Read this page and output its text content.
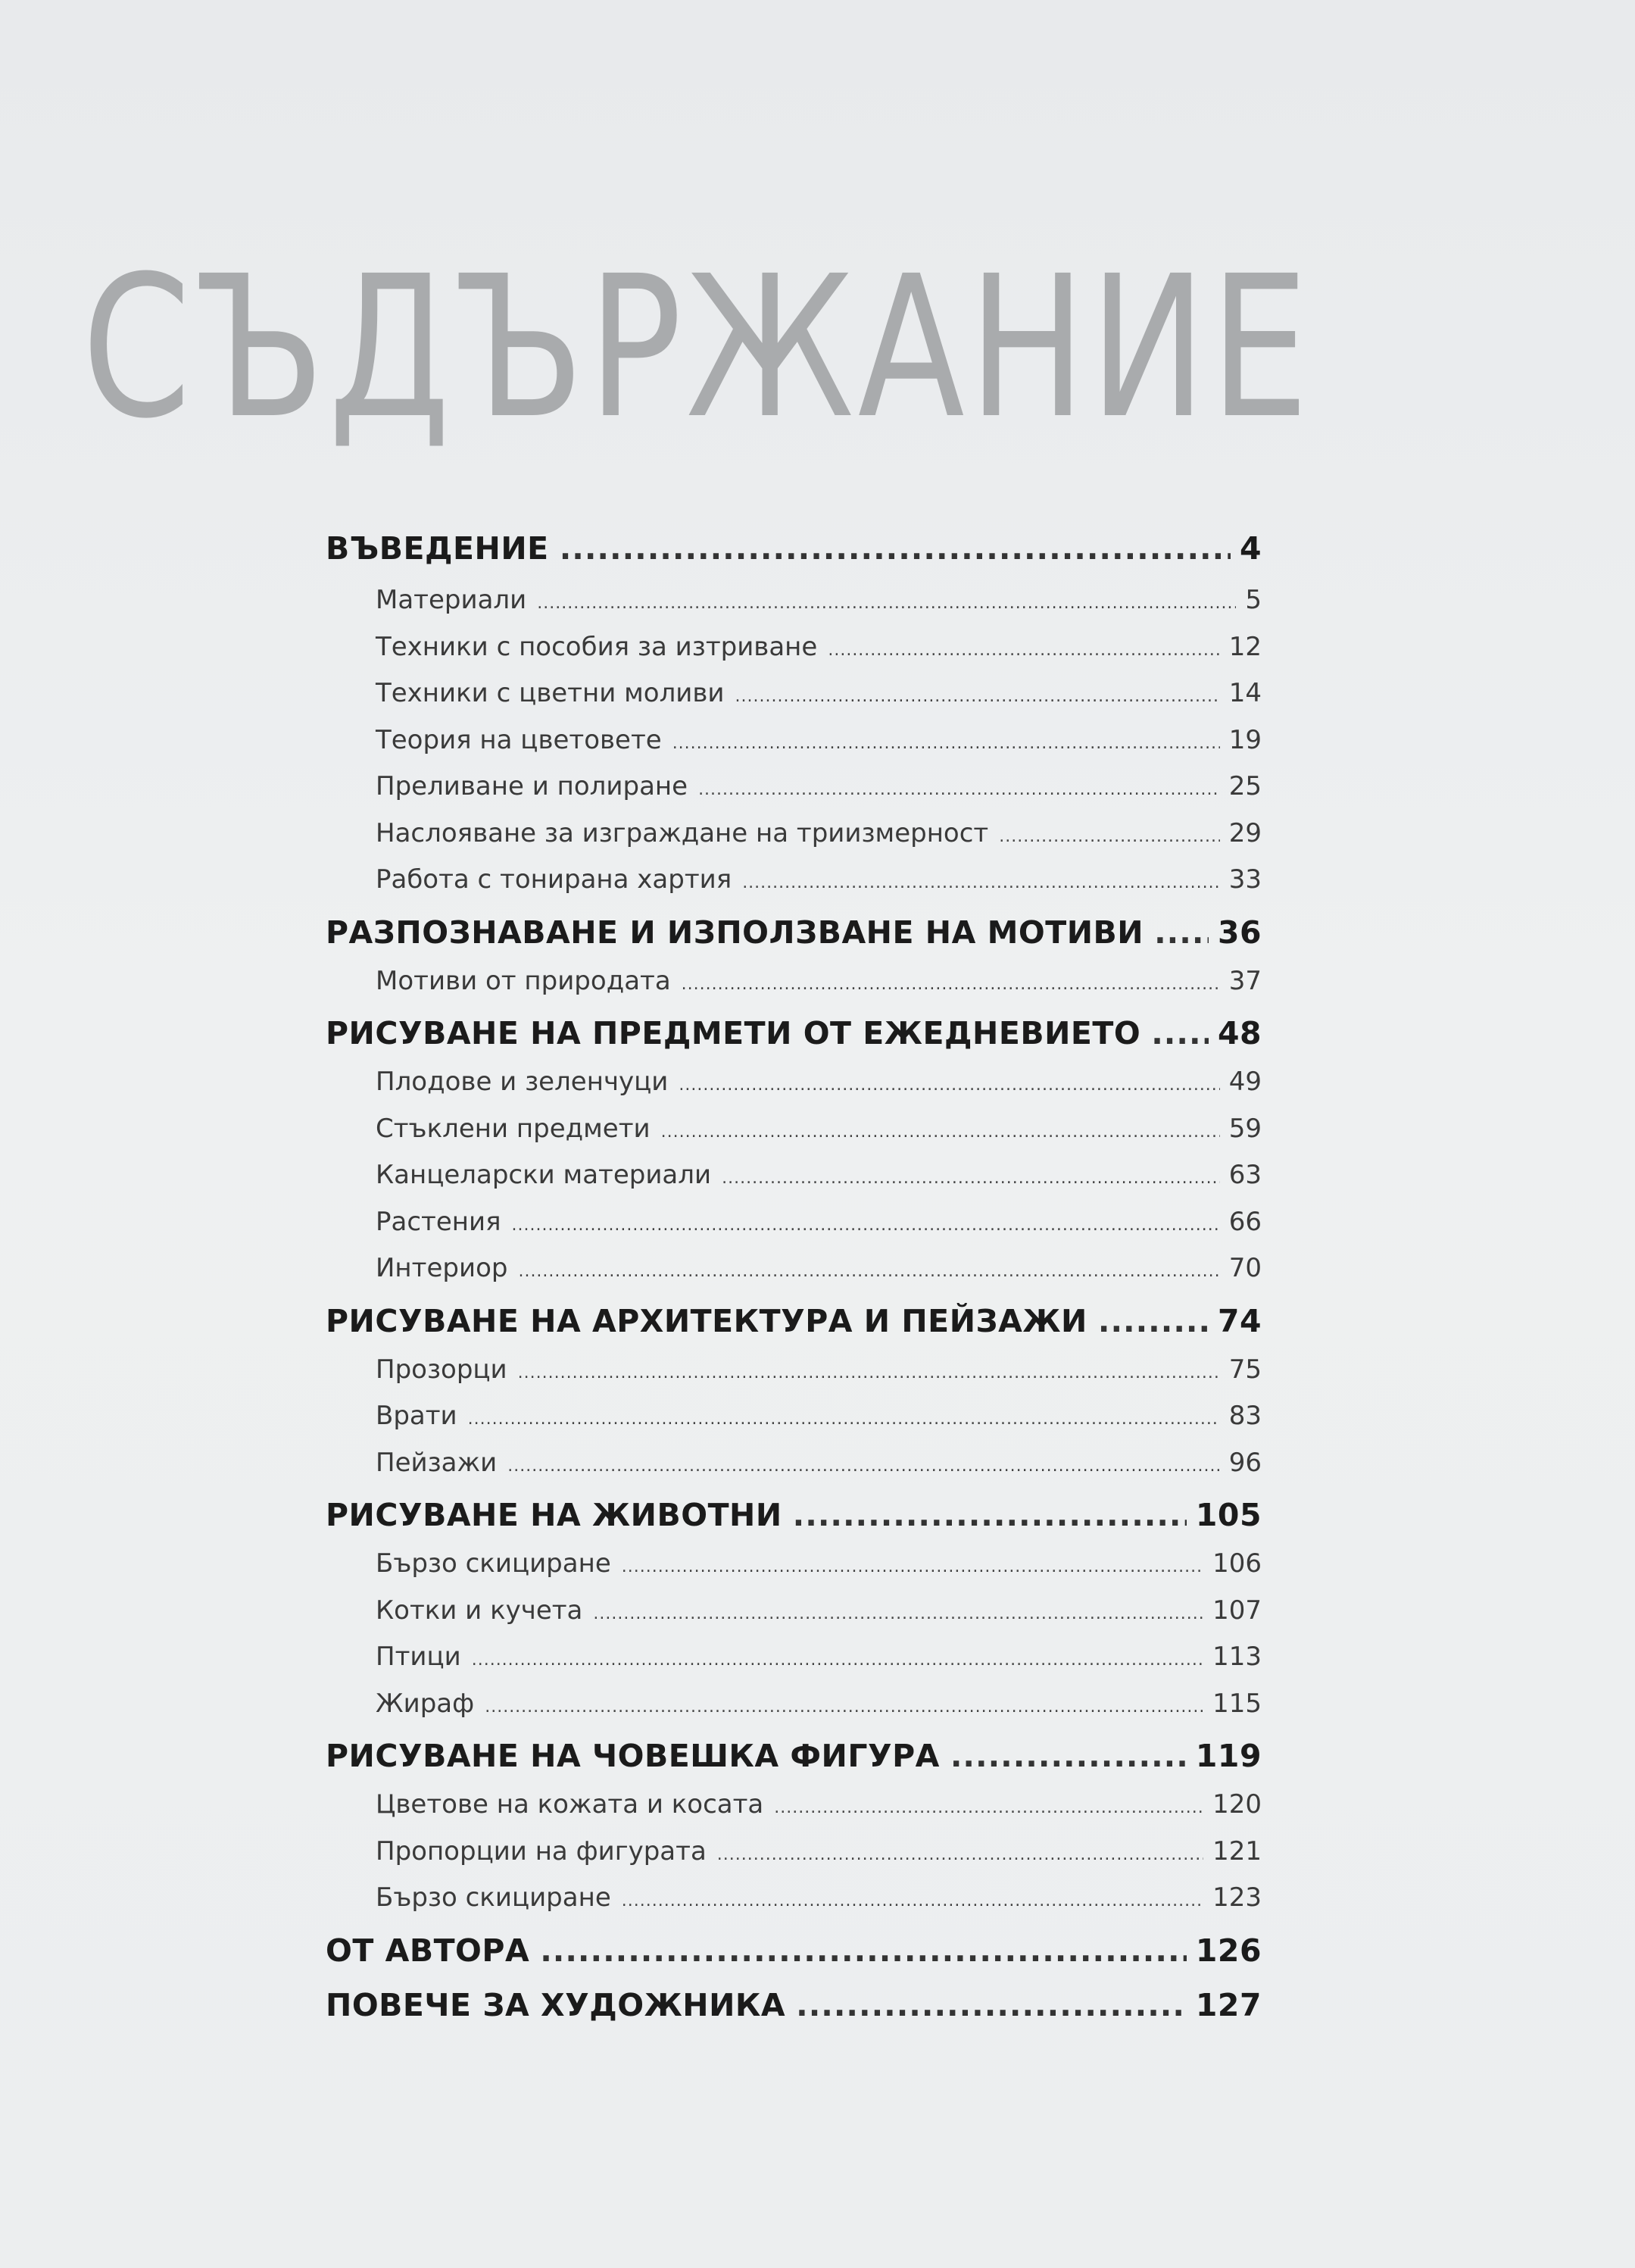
СЪДЪРЖАНИЕ
ВЪВЕДЕНИЕ .....	4
Материали .....	5
Техники с пособия за изтриване .....	12
Техники с цветни моливи .....	14
Теория на цветовете .....	19
Преливане и полиране .....	25
Наслояване за изграждане на триизмерност .....	29
Работа с тонирана хартия .....	33
РАЗПОЗНАВАНЕ И ИЗПОЛЗВАНЕ НА МОТИВИ ..... 36
Мотиви от природата .....	37
РИСУВАНЕ НА ПРЕДМЕТИ ОТ ЕЖЕДНЕВИЕТО ..... 48
Плодове и зеленчуци .....	49
Стъклени предмети .....	59
Канцеларски материали .....	63
Растения .....	66
Интериор .....	70
РИСУВАНЕ НА АРХИТЕКТУРА И ПЕЙЗАЖИ .....	74
Прозорци .....	75
Врати .....	83
Пейзажи .....	96
РИСУВАНЕ НА ЖИВОТНИ .....	105
Бързо скициране .....	106
Котки и кучета .....	107
Птици .....	113
Жираф .....	115
РИСУВАНЕ НА ЧОВЕШКА ФИГУРА .....	119
Цветове на кожата и косата .....	120
Пропорции на фигурата .....	121
Бързо скициране .....	123
ОТ АВТОРА .....	126
ПОВЕЧЕ ЗА ХУДОЖНИКА .....	127
